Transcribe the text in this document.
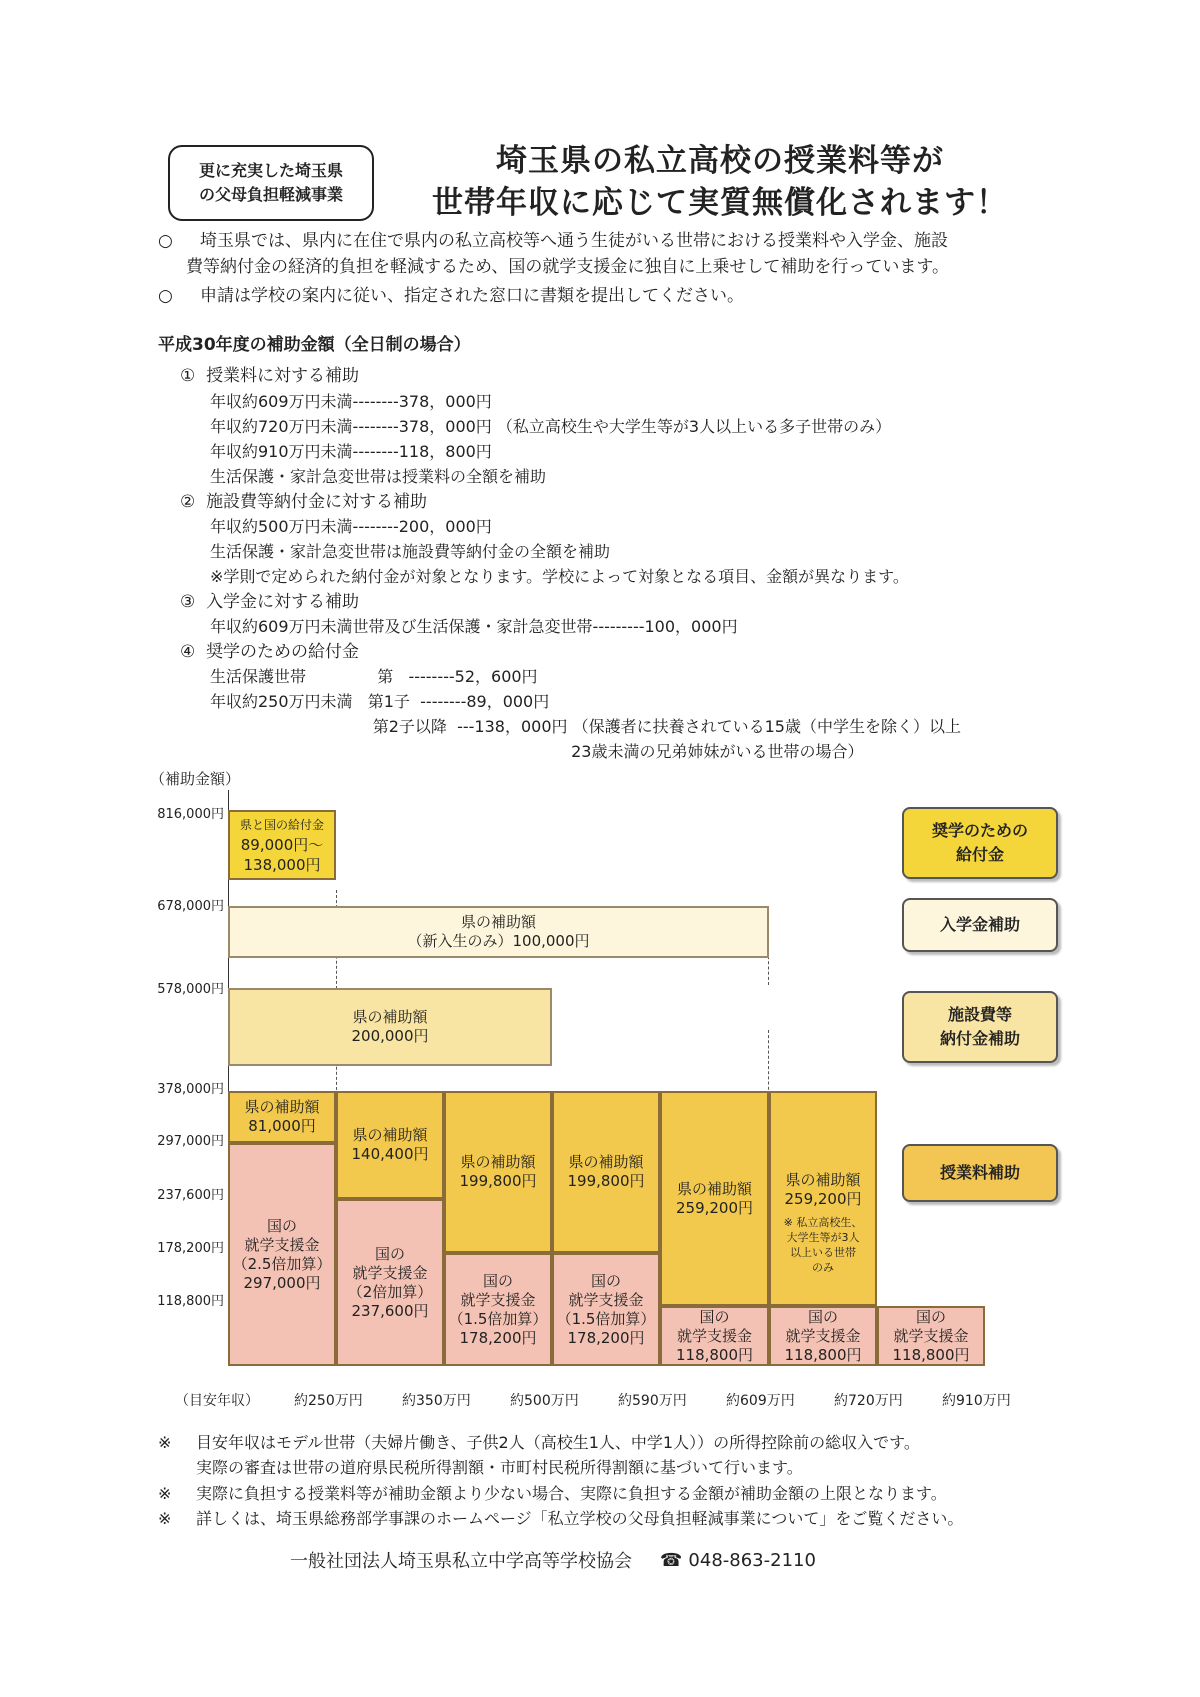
更に充実した埼玉県
の父母負担軽減事業
埼玉県の私立高校の授業料等が
世帯年収に応じて実質無償化されます！
○ 埼玉県では、県内に在住で県内の私立高校等へ通う生徒がいる世帯における授業料や入学金、施設
費等納付金の経済的負担を軽減するため、国の就学支援金に独自に上乗せして補助を行っています。
○ 申請は学校の案内に従い、指定された窓口に書類を提出してください。
平成30年度の補助金額（全日制の場合）
① 授業料に対する補助
年収約609万円未満--------378，000円
年収約720万円未満--------378，000円 （私立高校生や大学生等が3人以上いる多子世帯のみ）
年収約910万円未満--------118，800円
生活保護・家計急変世帯は授業料の全額を補助
② 施設費等納付金に対する補助
年収約500万円未満--------200，000円
生活保護・家計急変世帯は施設費等納付金の全額を補助
※学則で定められた納付金が対象となります。学校によって対象となる項目、金額が異なります。
③ 入学金に対する補助
年収約609万円未満世帯及び生活保護・家計急変世帯---------100，000円
④ 奨学のための給付金
生活保護世帯              第   --------52，600円
年収約250万円未満   第1子  --------89，000円
第2子以降  ---138，000円 （保護者に扶養されている15歳（中学生を除く）以上
23歳未満の兄弟姉妹がいる世帯の場合）
（補助金額）
816,000円
678,000円
578,000円
378,000円
297,000円
237,600円
178,200円
118,800円
県と国の給付金
89,000円～
138,000円
県の補助額
（新入生のみ）100,000円
県の補助額
200,000円
県の補助額
81,000円 県の補助額
140,400円 県の補助額
199,800円
県の補助額
199,800円 県の補助額
259,200円
県の補助額
259,200円
※ 私立高校生、
大学生等が3人
以上いる世帯
のみ
国の
就学支援金
（2.5倍加算）
297,000円
国の
就学支援金
（2倍加算）
237,600円
国の
就学支援金
（1.5倍加算）
178,200円
国の
就学支援金
（1.5倍加算）
178,200円
国の
就学支援金
118,800円
国の
就学支援金
118,800円
国の
就学支援金
118,800円
（目安年収）	約250万円	約350万円	約500万円	約590万円	約609万円	約720万円	約910万円
奨学のための
給付金
入学金補助
施設費等
納付金補助
授業料補助
※ 目安年収はモデル世帯（夫婦片働き、子供2人（高校生1人、中学1人））の所得控除前の総収入です。
実際の審査は世帯の道府県民税所得割額・市町村民税所得割額に基づいて行います。
※ 実際に負担する授業料等が補助金額より少ない場合、実際に負担する金額が補助金額の上限となります。
※ 詳しくは、埼玉県総務部学事課のホームページ「私立学校の父母負担軽減事業について」をご覧ください。
一般社団法人埼玉県私立中学高等学校協会 ☎ 048-863-2110
